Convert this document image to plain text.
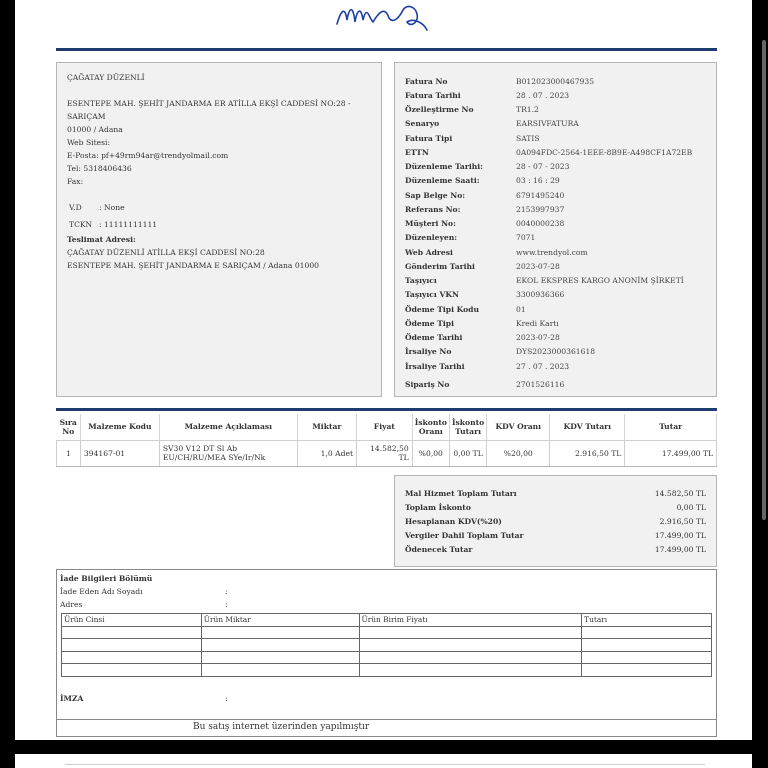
ÇAĞATAY DÜZENLİ
ESENTEPE MAH. ŞEHİT JANDARMA ER ATİLLA EKŞİ CADDESİ NO:28 -
SARIÇAM
01000 / Adana
Web Sitesi:
E-Posta: pf+49rm94ar@trendyolmail.com
Tel: 5318406436
Fax:
V.D	: None
TCKN : 11111111111
Teslimat Adresi:
ÇAĞATAY DÜZENLİ ATİLLA EKŞİ CADDESİ NO:28
ESENTEPE MAH. ŞEHİT JANDARMA E SARIÇAM / Adana 01000
Fatura No	B012023000467935
Fatura Tarihi	28 . 07 . 2023
Özelleştirme No	TR1.2
Senaryo	EARSIVFATURA
Fatura Tipi	SATIS
ETTN	0A094FDC-2564-1EEE-8B9E-A498CF1A72EB
Düzenleme Tarihi:	28 - 07 - 2023
Düzenleme Saati:	03 : 16 : 29
Sap Belge No:	6791495240
Referans No:	2153997937
Müşteri No:	0040000238
Düzenleyen:	7071
Web Adresi	www.trendyol.com
Gönderim Tarihi	2023-07-28
Taşıyıcı	EKOL EKSPRES KARGO ANONİM ŞİRKETİ
Taşıyıcı VKN	3300936366
Ödeme Tipi Kodu	01
Ödeme Tipi	Kredi Kartı
Ödeme Tarihi	2023-07-28
İrsaliye No	DYS2023000361618
İrsaliye Tarihi	27 . 07 . 2023
Sipariş No	2701526116
Sıra No	Malzeme Kodu	Malzeme Açıklaması	Miktar	Fiyat	İskonto Oranı	İskonto Tutarı	KDV Oranı	KDV Tutarı	Tutar
1	394167-01	SV30 V12 DT Sl Ab EU/CH/RU/MEA SYe/Ir/Nk	1,0 Adet	14.582,50 TL	%0,00	0,00 TL	%20,00	2.916,50 TL	17.499,00 TL
Mal Hizmet Toplam Tutarı	14.582,50 TL
Toplam İskonto	0,00 TL
Hesaplanan KDV(%20)	2.916,50 TL
Vergiler Dahil Toplam Tutar	17.499,00 TL
Ödenecek Tutar	17.499,00 TL
İade Bilgileri Bölümü
İade Eden Adı Soyadı	:
Adres	:
Ürün Cinsi	Ürün Miktar	Ürün Birim Fiyatı	Tutarı

İMZA	:
Bu satış internet üzerinden yapılmıştır
